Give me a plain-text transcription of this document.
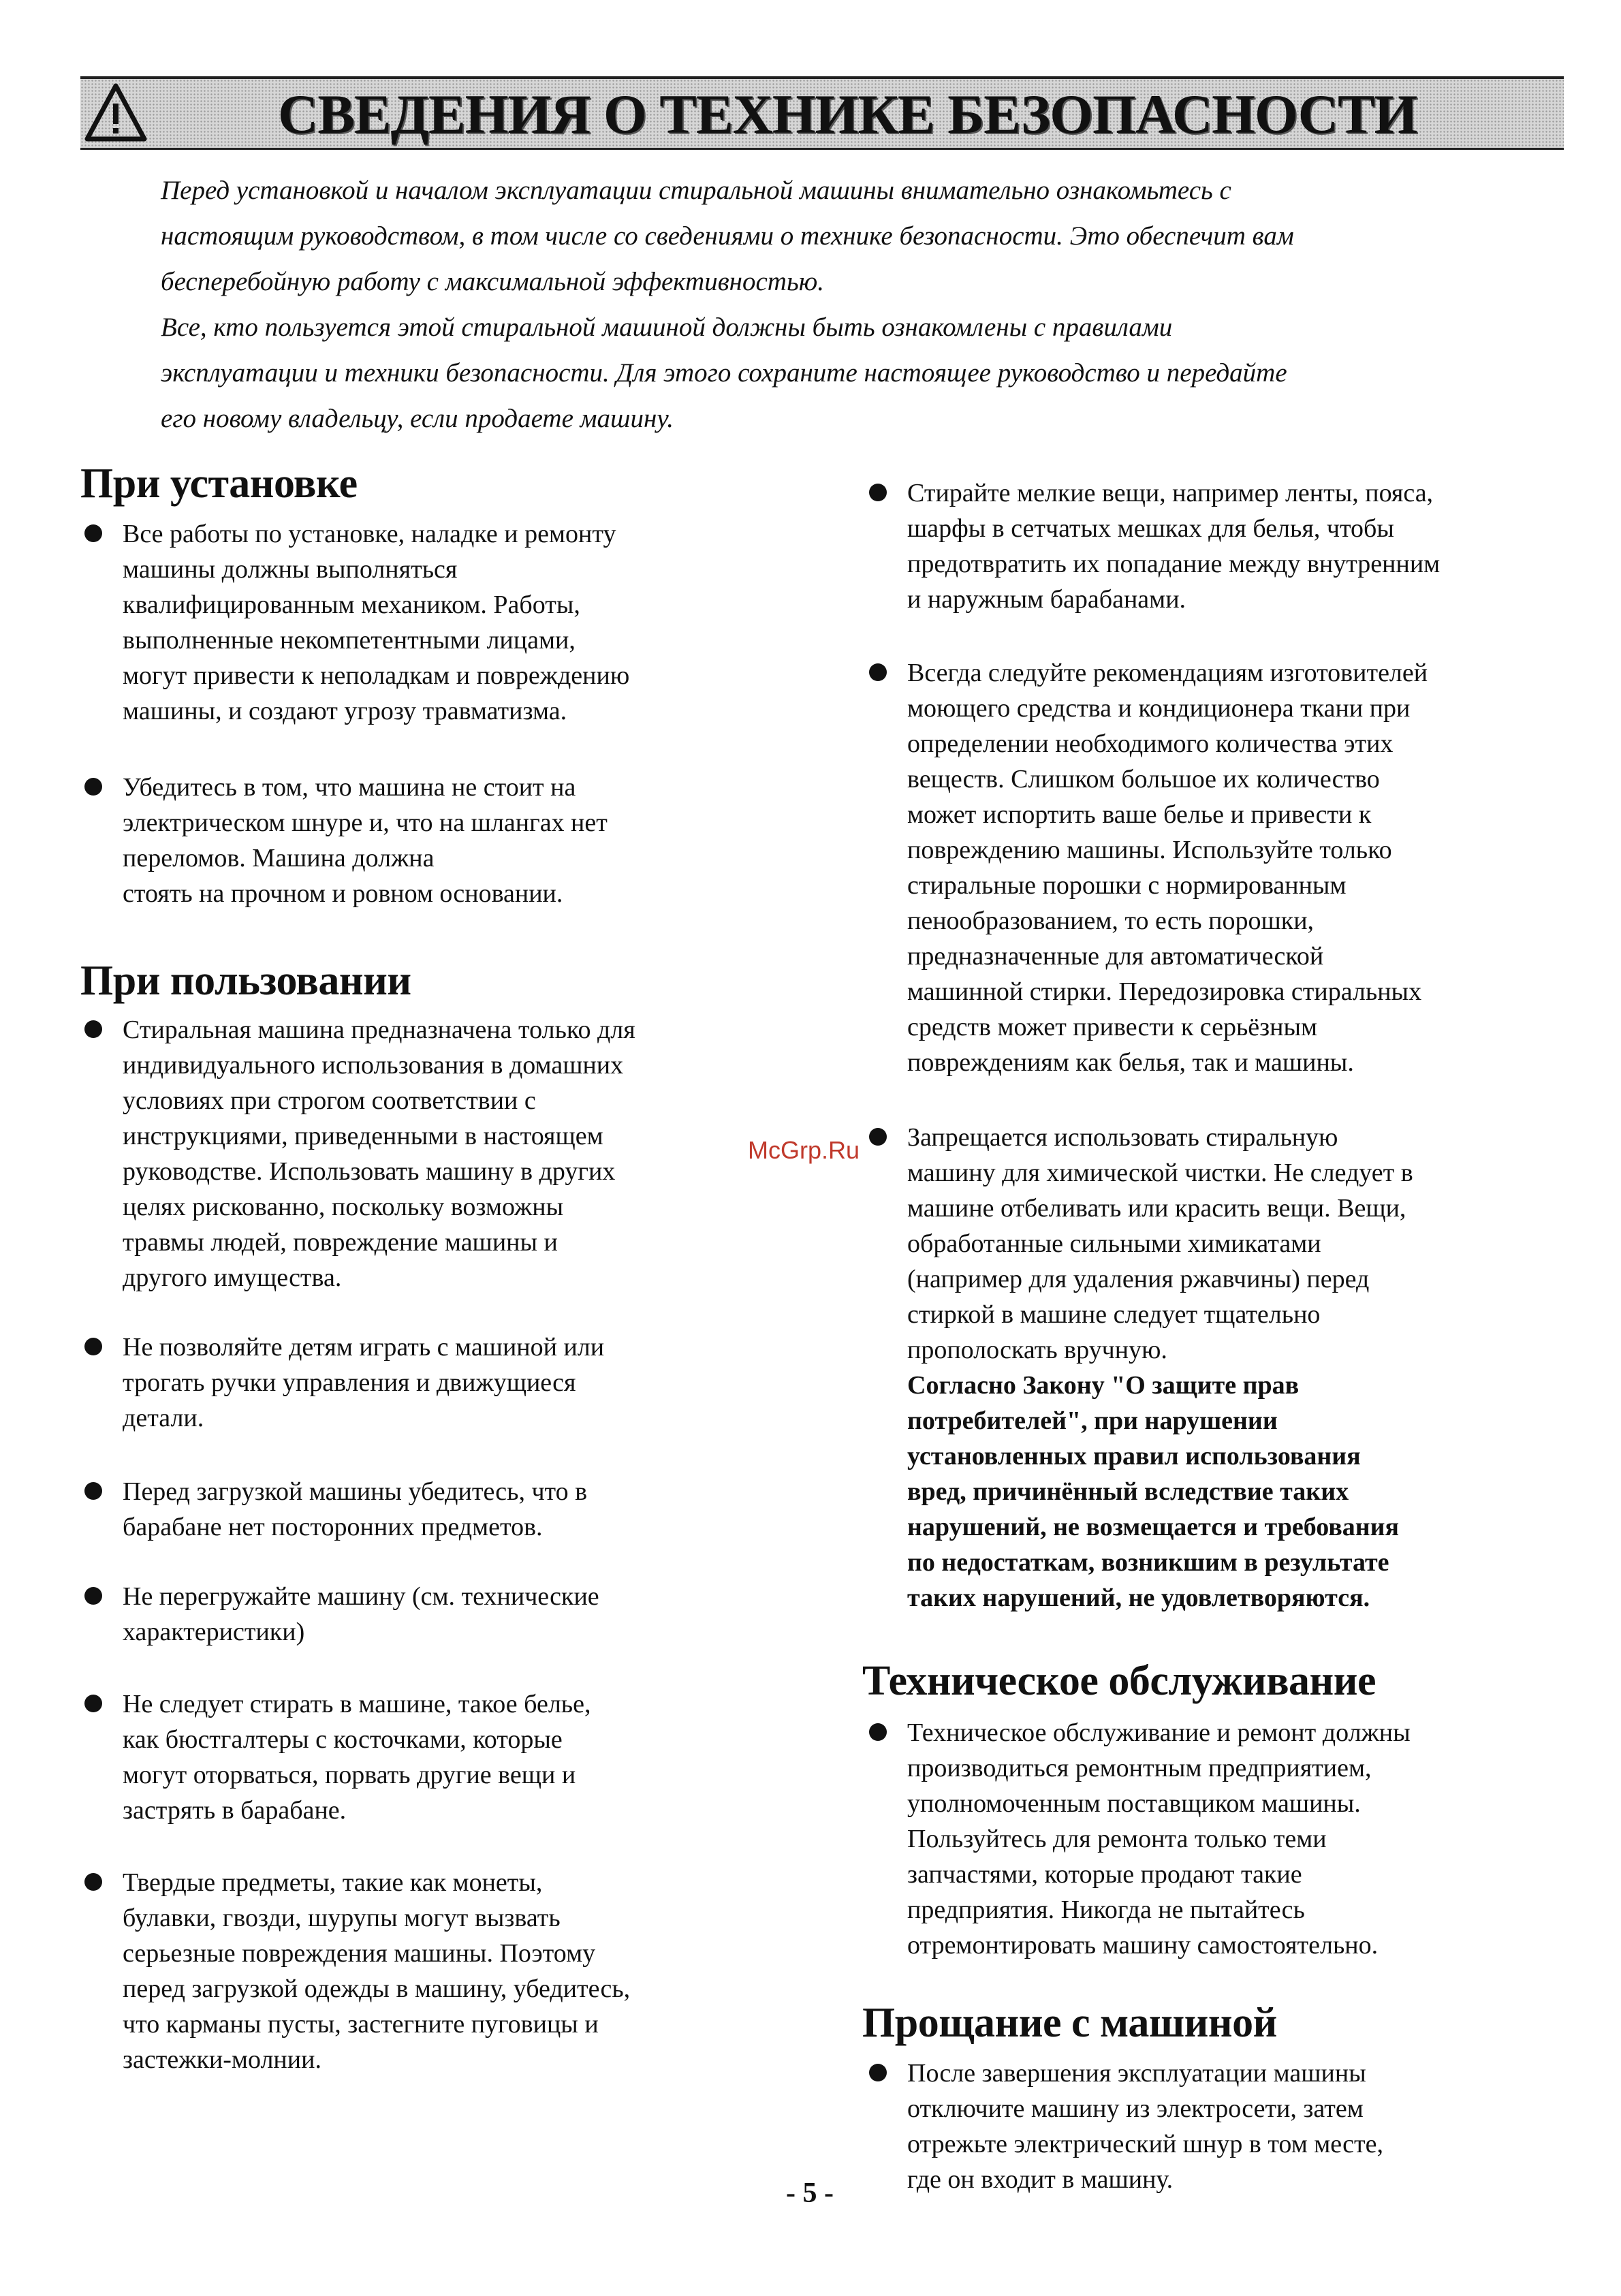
СВЕДЕНИЯ О ТЕХНИКЕ БЕЗОПАСНОСТИ

Перед установкой и началом эксплуатации стиральной машины внимательно ознакомьтесь с
настоящим руководством, в том числе со сведениями о технике безопасности. Это обеспечит вам
бесперебойную работу с максимальной эффективностью.

Все, кто пользуется этой стиральной машиной должны быть ознакомлены с правилами
эксплуатации и техники безопасности. Для этого сохраните настоящее руководство и передайте
его новому владельцу, если продаете машину.

При установке
Все работы по установке, наладке и ремонту
машины должны выполняться
квалифицированным механиком. Работы,
выполненные некомпетентными лицами,
могут привести к неполадкам и повреждению
машины, и создают угрозу травматизма.
Убедитесь в том, что машина не стоит на
электрическом шнуре и, что на шлангах нет
переломов. Машина должна
стоять на прочном и ровном основании.
При пользовании
Стиральная машина предназначена только для
индивидуального использования в домашних
условиях при строгом соответствии с
инструкциями, приведенными в настоящем
руководстве. Использовать машину в других
целях рискованно, поскольку возможны
травмы людей, повреждение машины и
другого имущества.
Не позволяйте детям играть с машиной или
трогать ручки управления и движущиеся
детали.
Перед загрузкой машины убедитесь, что в
барабане нет посторонних предметов.
Не перегружайте машину (см. технические
характеристики)
Не следует стирать в машине, такое белье,
как бюстгалтеры с косточками, которые
могут оторваться, порвать другие вещи и
застрять в барабане.
Твердые предметы, такие как монеты,
булавки, гвозди, шурупы могут вызвать
серьезные повреждения машины. Поэтому
перед загрузкой одежды в машину, убедитесь,
что карманы пусты, застегните пуговицы и
застежки-молнии.
Стирайте мелкие вещи, например ленты, пояса,
шарфы в сетчатых мешках для белья, чтобы
предотвратить их попадание между внутренним
и наружным барабанами.
Всегда следуйте рекомендациям изготовителей
моющего средства и кондиционера ткани при
определении необходимого количества этих
веществ. Слишком большое их количество
может испортить ваше белье и привести к
повреждению машины. Используйте только
стиральные порошки с нормированным
пенообразованием, то есть порошки,
предназначенные для автоматической
машинной стирки. Передозировка стиральных
средств может привести к серьёзным
повреждениям как белья, так и машины.
Запрещается использовать стиральную
машину для химической чистки. Не следует в
машине отбеливать или красить вещи. Вещи,
обработанные сильными химикатами
(например для удаления ржавчины) перед
стиркой в машине следует тщательно
прополоскать вручную.
Согласно Закону "О защите прав
потребителей", при нарушении
установленных правил использования
вред, причинённый вследствие таких
нарушений, не возмещается и требования
по недостаткам, возникшим в результате
таких нарушений, не удовлетворяются.
Техническое обслуживание
Техническое обслуживание и ремонт должны
производиться ремонтным предприятием,
уполномоченным поставщиком машины.
Пользуйтесь для ремонта только теми
запчастями, которые продают такие
предприятия. Никогда не пытайтесь
отремонтировать машину самостоятельно.
Прощание с машиной
После завершения эксплуатации машины
отключите машину из электросети, затем
отрежьте электрический шнур в том месте,
где он входит в машину.
McGrp.Ru
- 5 -
